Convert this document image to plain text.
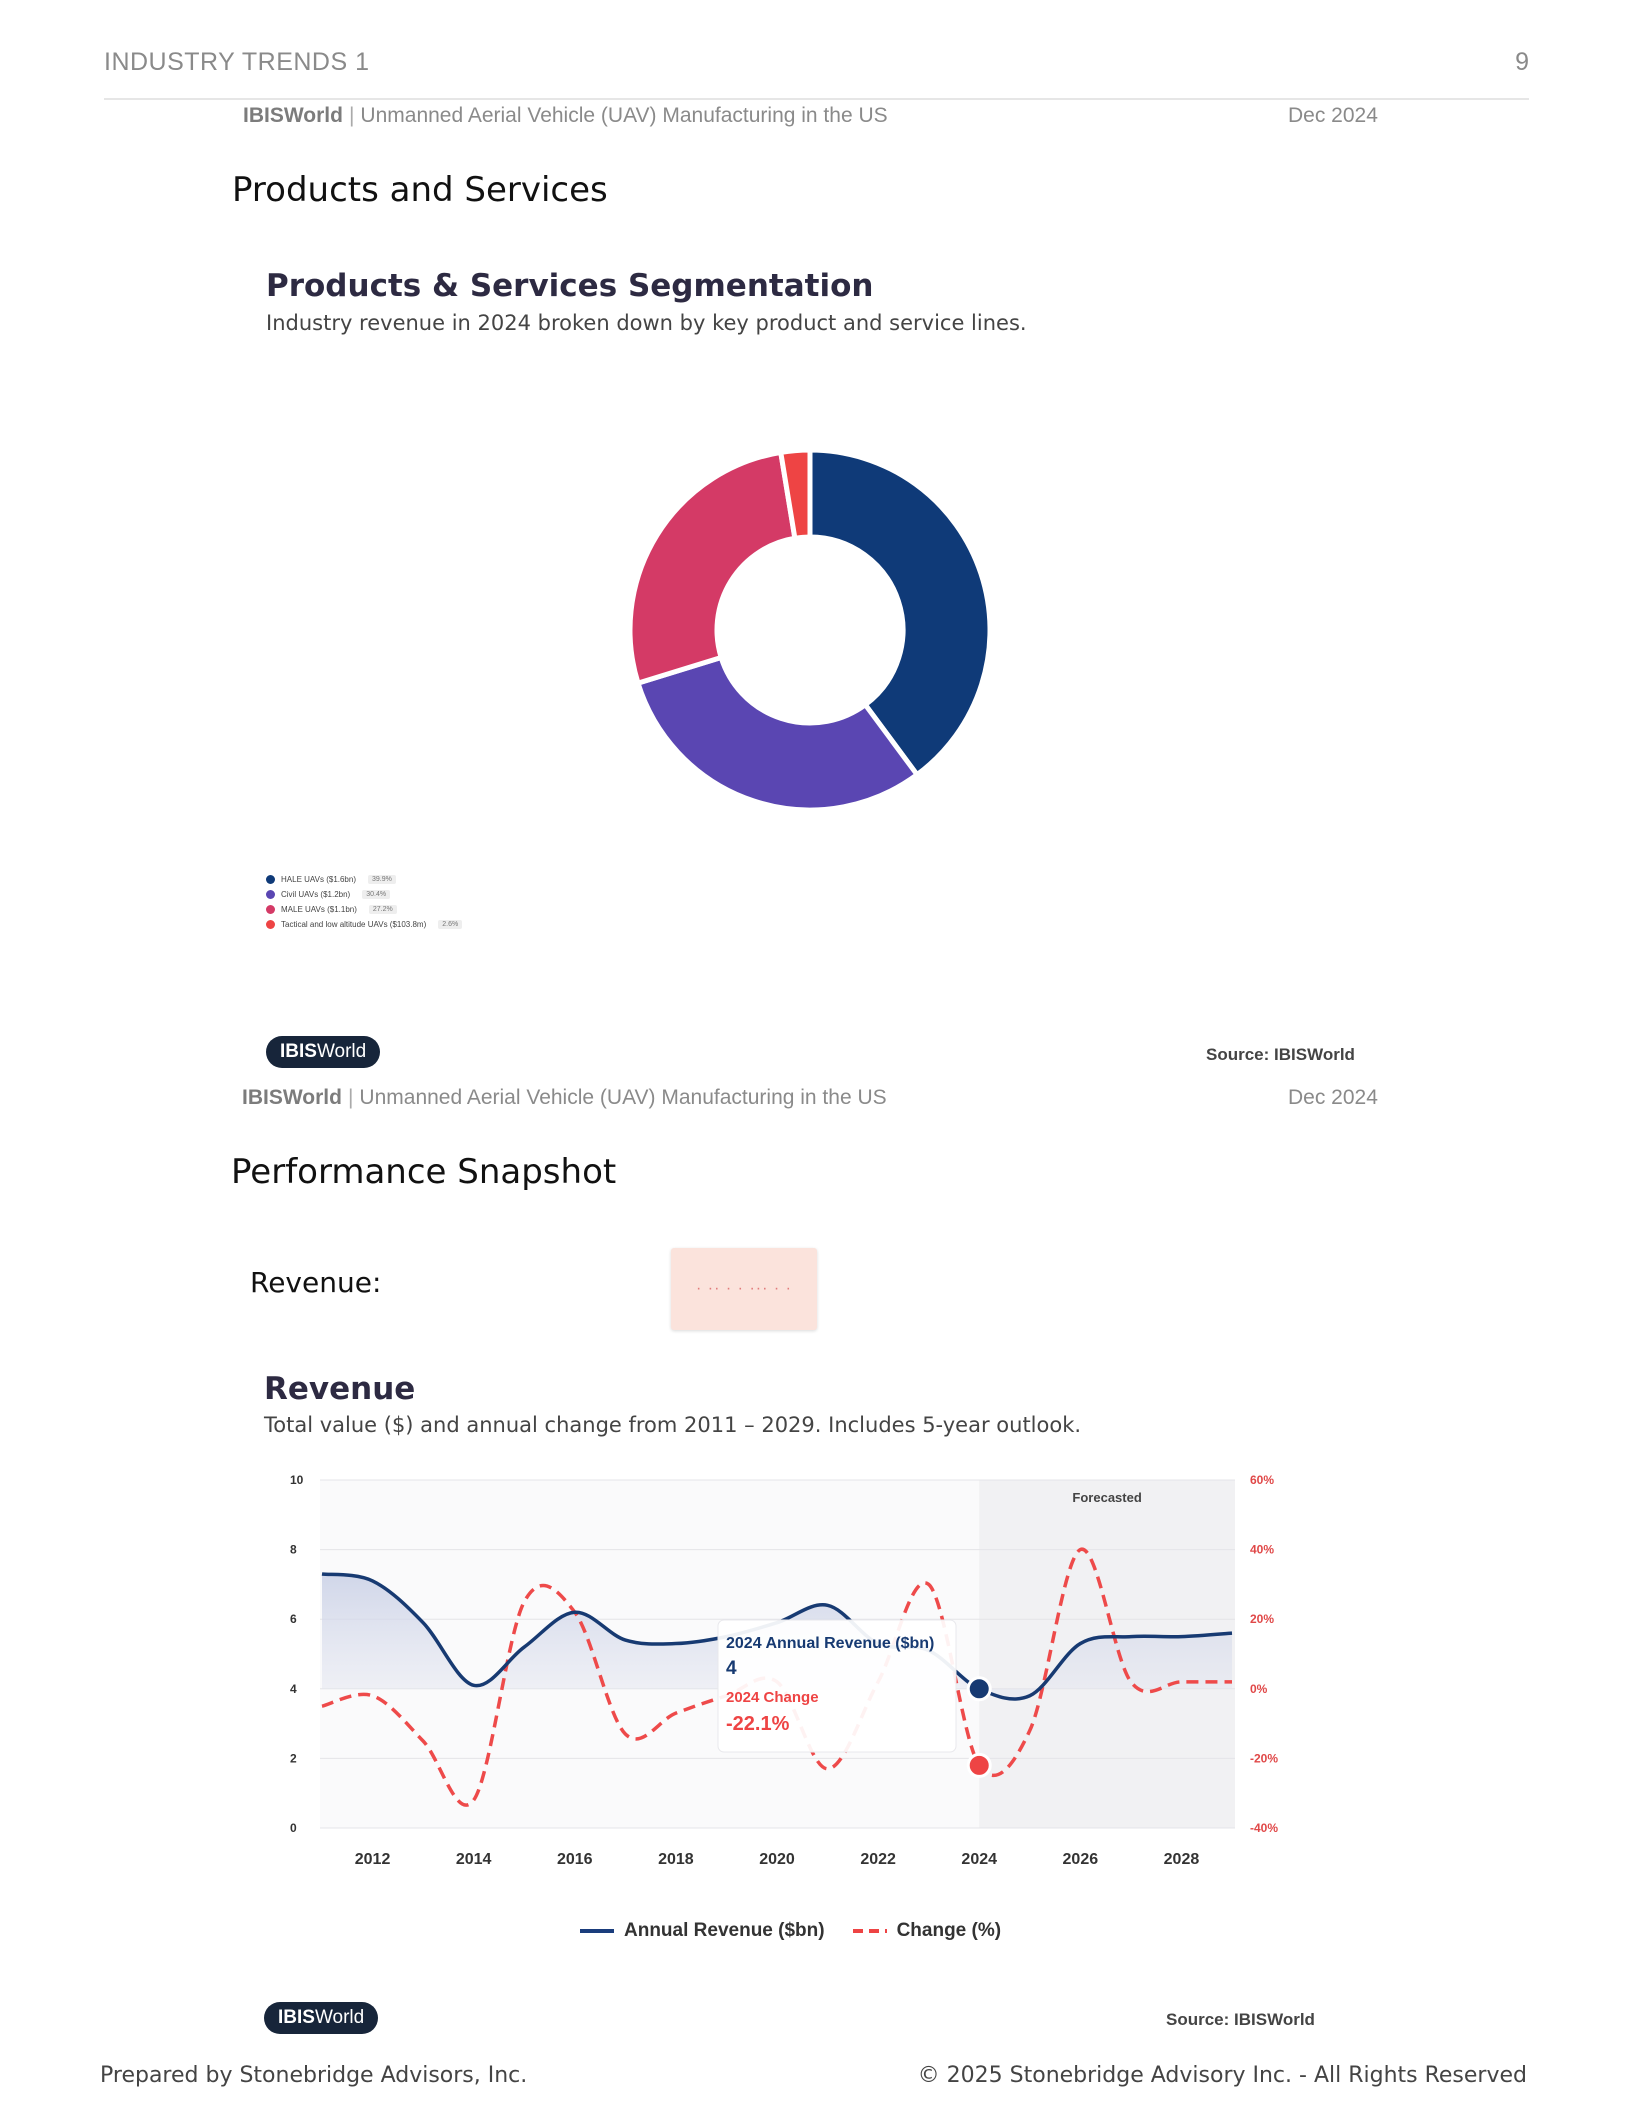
INDUSTRY TRENDS 1	9
IBISWorld | Unmanned Aerial Vehicle (UAV) Manufacturing in the US	Dec 2024
Products and Services
Products & Services Segmentation
Industry revenue in 2024 broken down by key product and service lines.
HALE UAVs ($1.6bn)	39.9%
Civil UAVs ($1.2bn)	30.4%
MALE UAVs ($1.1bn)	27.2%
Tactical and low altitude UAVs ($103.8m)	2.6%
IBISWorld	Source: IBISWorld
IBISWorld | Unmanned Aerial Vehicle (UAV) Manufacturing in the US	Dec 2024
Performance Snapshot
Revenue:	· ·· · · ··· · ·
Revenue
Total value ($) and annual change from 2011 – 2029. Includes 5-year outlook.
Forecasted
0	-40%
2	-20%
4	0%
6	20%
8	40%
10	60%
2012	2014	2016	2018	2020	2022	2024	2026	2028
2024 Annual Revenue ($bn)
4
2024 Change
-22.1%
Annual Revenue ($bn)	Change (%)
IBISWorld	Source: IBISWorld
Prepared by Stonebridge Advisors, Inc.	© 2025 Stonebridge Advisory Inc. - All Rights Reserved
